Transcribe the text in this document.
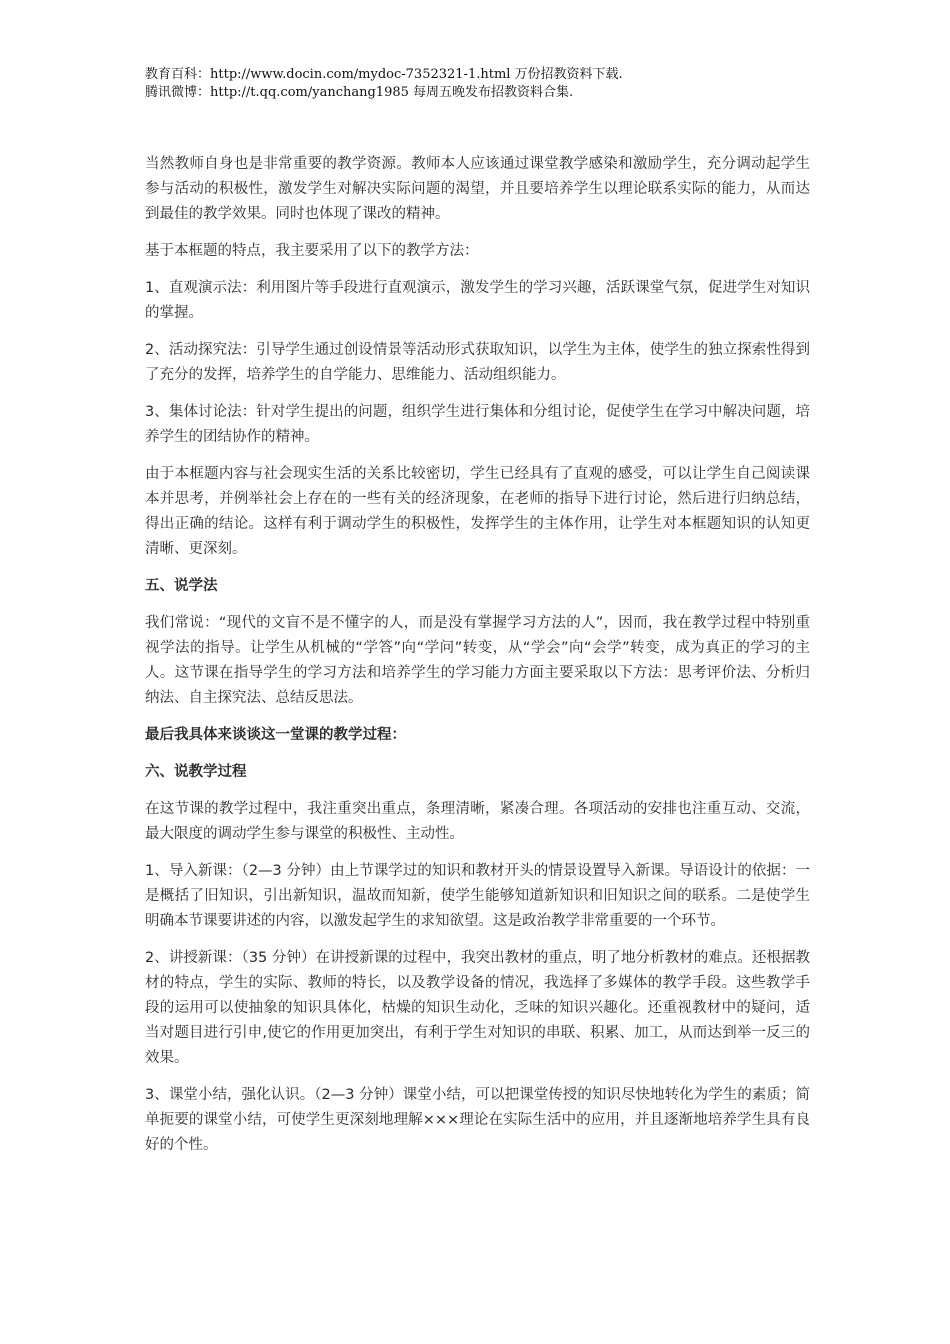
教育百科：http://www.docin.com/mydoc-7352321-1.html 万份招教资料下载.
腾讯微博：http://t.qq.com/yanchang1985 每周五晚发布招教资料合集.

当然教师自身也是非常重要的教学资源。教师本人应该通过课堂教学感染和激励学生，充分调动起学生参与活动的积极性，激发学生对解决实际问题的渴望，并且要培养学生以理论联系实际的能力，从而达到最佳的教学效果。同时也体现了课改的精神。

基于本框题的特点，我主要采用了以下的教学方法：

1、直观演示法：利用图片等手段进行直观演示，激发学生的学习兴趣，活跃课堂气氛，促进学生对知识的掌握。

2、活动探究法：引导学生通过创设情景等活动形式获取知识，以学生为主体，使学生的独立探索性得到了充分的发挥，培养学生的自学能力、思维能力、活动组织能力。

3、集体讨论法：针对学生提出的问题，组织学生进行集体和分组讨论，促使学生在学习中解决问题，培养学生的团结协作的精神。

由于本框题内容与社会现实生活的关系比较密切，学生已经具有了直观的感受，可以让学生自己阅读课本并思考，并例举社会上存在的一些有关的经济现象，在老师的指导下进行讨论，然后进行归纳总结，得出正确的结论。这样有利于调动学生的积极性，发挥学生的主体作用，让学生对本框题知识的认知更清晰、更深刻。

五、说学法

我们常说：“现代的文盲不是不懂字的人，而是没有掌握学习方法的人”，因而，我在教学过程中特别重视学法的指导。让学生从机械的“学答”向“学问”转变，从“学会”向“会学”转变，成为真正的学习的主人。这节课在指导学生的学习方法和培养学生的学习能力方面主要采取以下方法：思考评价法、分析归纳法、自主探究法、总结反思法。

最后我具体来谈谈这一堂课的教学过程：

六、说教学过程

在这节课的教学过程中，我注重突出重点，条理清晰，紧凑合理。各项活动的安排也注重互动、交流，最大限度的调动学生参与课堂的积极性、主动性。

1、导入新课：（2—3 分钟）由上节课学过的知识和教材开头的情景设置导入新课。导语设计的依据：一是概括了旧知识，引出新知识，温故而知新，使学生能够知道新知识和旧知识之间的联系。二是使学生明确本节课要讲述的内容，以激发起学生的求知欲望。这是政治教学非常重要的一个环节。

2、讲授新课：（35 分钟）在讲授新课的过程中，我突出教材的重点，明了地分析教材的难点。还根据教材的特点，学生的实际、教师的特长，以及教学设备的情况，我选择了多媒体的教学手段。这些教学手段的运用可以使抽象的知识具体化，枯燥的知识生动化，乏味的知识兴趣化。还重视教材中的疑问，适当对题目进行引申,使它的作用更加突出，有利于学生对知识的串联、积累、加工，从而达到举一反三的效果。

3、课堂小结，强化认识。（2—3 分钟）课堂小结，可以把课堂传授的知识尽快地转化为学生的素质；简单扼要的课堂小结，可使学生更深刻地理解×××理论在实际生活中的应用，并且逐渐地培养学生具有良好的个性。
